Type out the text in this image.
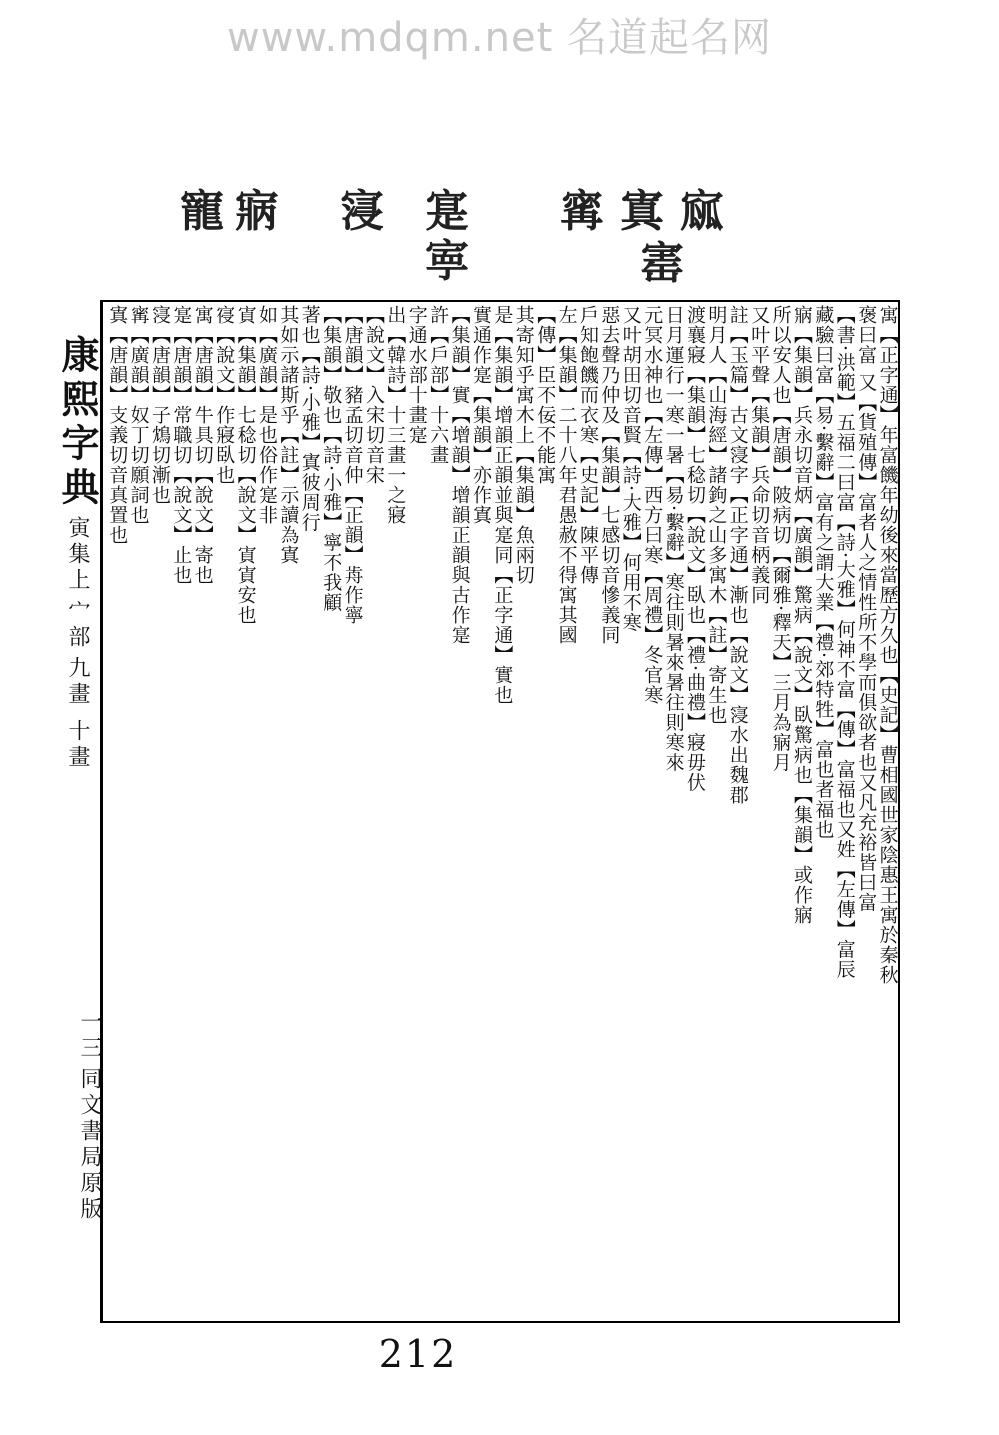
www.mdqm.net 名道起名网
寵 寎 寖 寔
寕
寗 寘 寙
寚
康熙字典 寅集上 宀部 九畫 十畫
一三 同文書局原版
寓【正字通】年富饑年幼後來當歷方久也【史記】曹相國世家陰惠王寓於秦秋
褒曰富 又【貨殖傳】富者人之情性所不學而俱欲者也又凡充裕皆曰富
【書·洪範】五福二曰富【詩·大雅】何神不富【傳】富福也又姓【左傳】富辰
藏驗曰富【易·繫辭】富有之謂大業【禮·郊特牲】富也者福也
寎【集韻】兵永切音炳【廣韻】驚病【說文】臥驚病也【集韻】或作寎
所以安人也【唐韻】陂病切【爾雅·釋天】三月為寎月
又叶平聲【集韻】兵命切音柄義同
註【玉篇】古文寖字【正字通】漸也【說文】寖水出魏郡
明月人【山海經】諸鉤之山多寓木【註】寄生也
渡襄寢【集韻】七稔切【說文】臥也【禮·曲禮】寢毋伏
日月運行一寒一暑【易·繫辭】寒往則暑來暑往則寒來
元冥水神也【左傳】西方曰寒【周禮】冬官寒
又叶胡田切音賢【詩·大雅】何用不寒
惡去聲乃仲及【集韻】七感切音慘義同
戶知飽饑而衣寒【史記】陳平傳
左【集韻】二十八年君愚赦不得寓其國
【傳】臣不佞不能寓
其寄知乎寓木上【集韻】魚兩切
是【集韻】增韻正韻並與寔同【正字通】實也
實通作寔【集韻】亦作寘
【集韻】實【增韻】增韻正韻與古作寔
許【戶部】十六畫
字通水部十畫寔
出【韓詩】十三畫一之寢
【說文】入宋切音宋
【唐韻】豬孟切音仲【正韻】歬作寧
【集韻】敬也【詩·小雅】寧不我顧
著也【詩·小雅】寘彼周行
其如示諸斯乎【註】示讀為寘
如【廣韻】是也俗作寔非
寊【集韻】七稔切【說文】寊寊安也
寑【說文】作寢臥也
寓【唐韻】牛具切【說文】寄也
寔【唐韻】常職切【說文】止也
寖【唐韻】子鴆切漸也
寗【廣韻】奴丁切願詞也
寘【唐韻】支義切音真置也
212
